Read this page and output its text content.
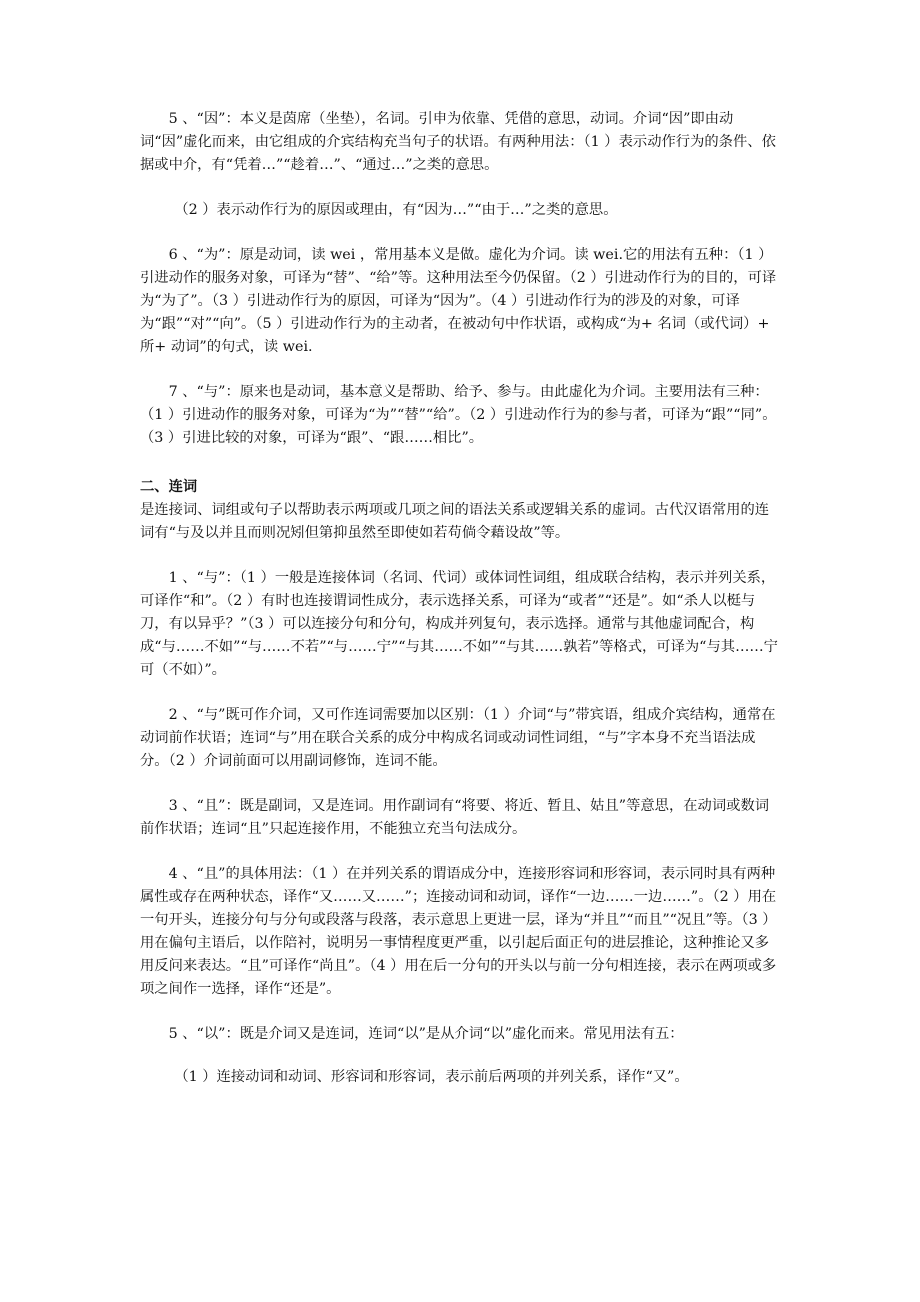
5 、“因”：本义是茵席（坐垫），名词。引申为依靠、凭借的意思，动词。介词“因”即由动词“因”虚化而来，由它组成的介宾结构充当句子的状语。有两种用法：（1 ）表示动作行为的条件、依据或中介，有“凭着…”“趁着…”、“通过…”之类的意思。

（2 ）表示动作行为的原因或理由，有“因为…”“由于…”之类的意思。

6 、“为”：原是动词，读 wei ，常用基本义是做。虚化为介词。读 wei.它的用法有五种：（1 ）引进动作的服务对象，可译为“替”、“给”等。这种用法至今仍保留。（2 ）引进动作行为的目的，可译为“为了”。（3 ）引进动作行为的原因，可译为“因为”。（4 ）引进动作行为的涉及的对象，可译为“跟”“对”“向”。（5 ）引进动作行为的主动者，在被动句中作状语，或构成“为+ 名词（或代词）+ 所+ 动词”的句式，读 wei.

7 、“与”：原来也是动词，基本意义是帮助、给予、参与。由此虚化为介词。主要用法有三种：（1 ）引进动作的服务对象，可译为“为”“替”“给”。（2 ）引进动作行为的参与者，可译为“跟”“同”。（3 ）引进比较的对象，可译为“跟”、“跟……相比”。

二、连词

是连接词、词组或句子以帮助表示两项或几项之间的语法关系或逻辑关系的虚词。古代汉语常用的连词有“与及以并且而则况矧但第抑虽然至即使如若苟倘令藉设故”等。

1 、“与”：（1 ）一般是连接体词（名词、代词）或体词性词组，组成联合结构，表示并列关系，可译作“和”。（2 ）有时也连接谓词性成分，表示选择关系，可译为“或者”“还是”。如“杀人以梃与刀，有以异乎？”（3 ）可以连接分句和分句，构成并列复句，表示选择。通常与其他虚词配合，构成“与……不如”“与……不若”“与……宁”“与其……不如”“与其……孰若”等格式，可译为“与其……宁可（不如）”。

2 、“与”既可作介词，又可作连词需要加以区别：（1 ）介词“与”带宾语，组成介宾结构，通常在动词前作状语；连词“与”用在联合关系的成分中构成名词或动词性词组，“与”字本身不充当语法成分。（2 ）介词前面可以用副词修饰，连词不能。

3 、“且”：既是副词，又是连词。用作副词有“将要、将近、暂且、姑且”等意思，在动词或数词前作状语；连词“且”只起连接作用，不能独立充当句法成分。

4 、“且”的具体用法：（1 ）在并列关系的谓语成分中，连接形容词和形容词，表示同时具有两种属性或存在两种状态，译作“又……又……”；连接动词和动词，译作“一边……一边……”。（2 ）用在一句开头，连接分句与分句或段落与段落，表示意思上更进一层，译为“并且”“而且”“况且”等。（3 ）用在偏句主语后，以作陪衬，说明另一事情程度更严重，以引起后面正句的进层推论，这种推论又多用反问来表达。“且”可译作“尚且”。（4 ）用在后一分句的开头以与前一分句相连接，表示在两项或多项之间作一选择，译作“还是”。

5 、“以”：既是介词又是连词，连词“以”是从介词“以”虚化而来。常见用法有五：

（1 ）连接动词和动词、形容词和形容词，表示前后两项的并列关系，译作“又”。
